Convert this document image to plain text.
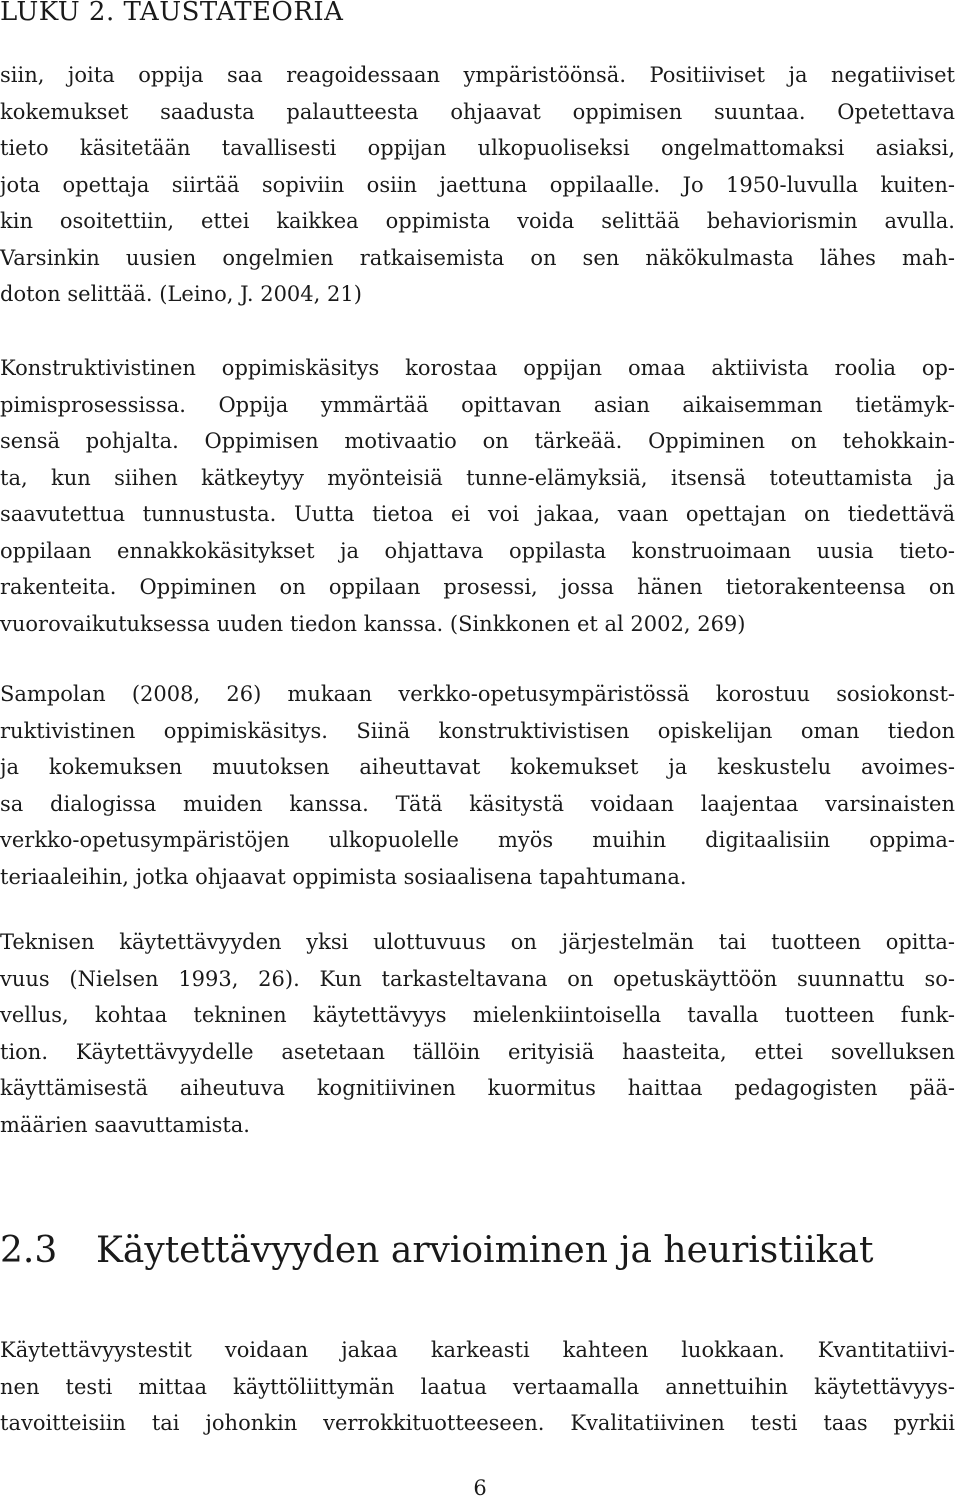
LUKU 2. TAUSTATEORIA
siin, joita oppija saa reagoidessaan ympäristöönsä. Positiiviset ja negatiiviset
kokemukset saadusta palautteesta ohjaavat oppimisen suuntaa. Opetettava
tieto käsitetään tavallisesti oppijan ulkopuoliseksi ongelmattomaksi asiaksi,
jota opettaja siirtää sopiviin osiin jaettuna oppilaalle. Jo 1950-luvulla kuiten-
kin osoitettiin, ettei kaikkea oppimista voida selittää behaviorismin avulla.
Varsinkin uusien ongelmien ratkaisemista on sen näkökulmasta lähes mah-
doton selittää. (Leino, J. 2004, 21)
Konstruktivistinen oppimiskäsitys korostaa oppijan omaa aktiivista roolia op-
pimisprosessissa. Oppija ymmärtää opittavan asian aikaisemman tietämyk-
sensä pohjalta. Oppimisen motivaatio on tärkeää. Oppiminen on tehokkain-
ta, kun siihen kätkeytyy myönteisiä tunne-elämyksiä, itsensä toteuttamista ja
saavutettua tunnustusta. Uutta tietoa ei voi jakaa, vaan opettajan on tiedettävä
oppilaan ennakkokäsitykset ja ohjattava oppilasta konstruoimaan uusia tieto-
rakenteita. Oppiminen on oppilaan prosessi, jossa hänen tietorakenteensa on
vuorovaikutuksessa uuden tiedon kanssa. (Sinkkonen et al 2002, 269)
Sampolan (2008, 26) mukaan verkko-opetusympäristössä korostuu sosiokonst-
ruktivistinen oppimiskäsitys. Siinä konstruktivistisen opiskelijan oman tiedon
ja kokemuksen muutoksen aiheuttavat kokemukset ja keskustelu avoimes-
sa dialogissa muiden kanssa. Tätä käsitystä voidaan laajentaa varsinaisten
verkko-opetusympäristöjen ulkopuolelle myös muihin digitaalisiin oppima-
teriaaleihin, jotka ohjaavat oppimista sosiaalisena tapahtumana.
Teknisen käytettävyyden yksi ulottuvuus on järjestelmän tai tuotteen opitta-
vuus (Nielsen 1993, 26). Kun tarkasteltavana on opetuskäyttöön suunnattu so-
vellus, kohtaa tekninen käytettävyys mielenkiintoisella tavalla tuotteen funk-
tion. Käytettävyydelle asetetaan tällöin erityisiä haasteita, ettei sovelluksen
käyttämisestä aiheutuva kognitiivinen kuormitus haittaa pedagogisten pää-
määrien saavuttamista.
2.3 Käytettävyyden arvioiminen ja heuristiikat
Käytettävyystestit voidaan jakaa karkeasti kahteen luokkaan. Kvantitatiivi-
nen testi mittaa käyttöliittymän laatua vertaamalla annettuihin käytettävyys-
tavoitteisiin tai johonkin verrokkituotteeseen. Kvalitatiivinen testi taas pyrkii
6
